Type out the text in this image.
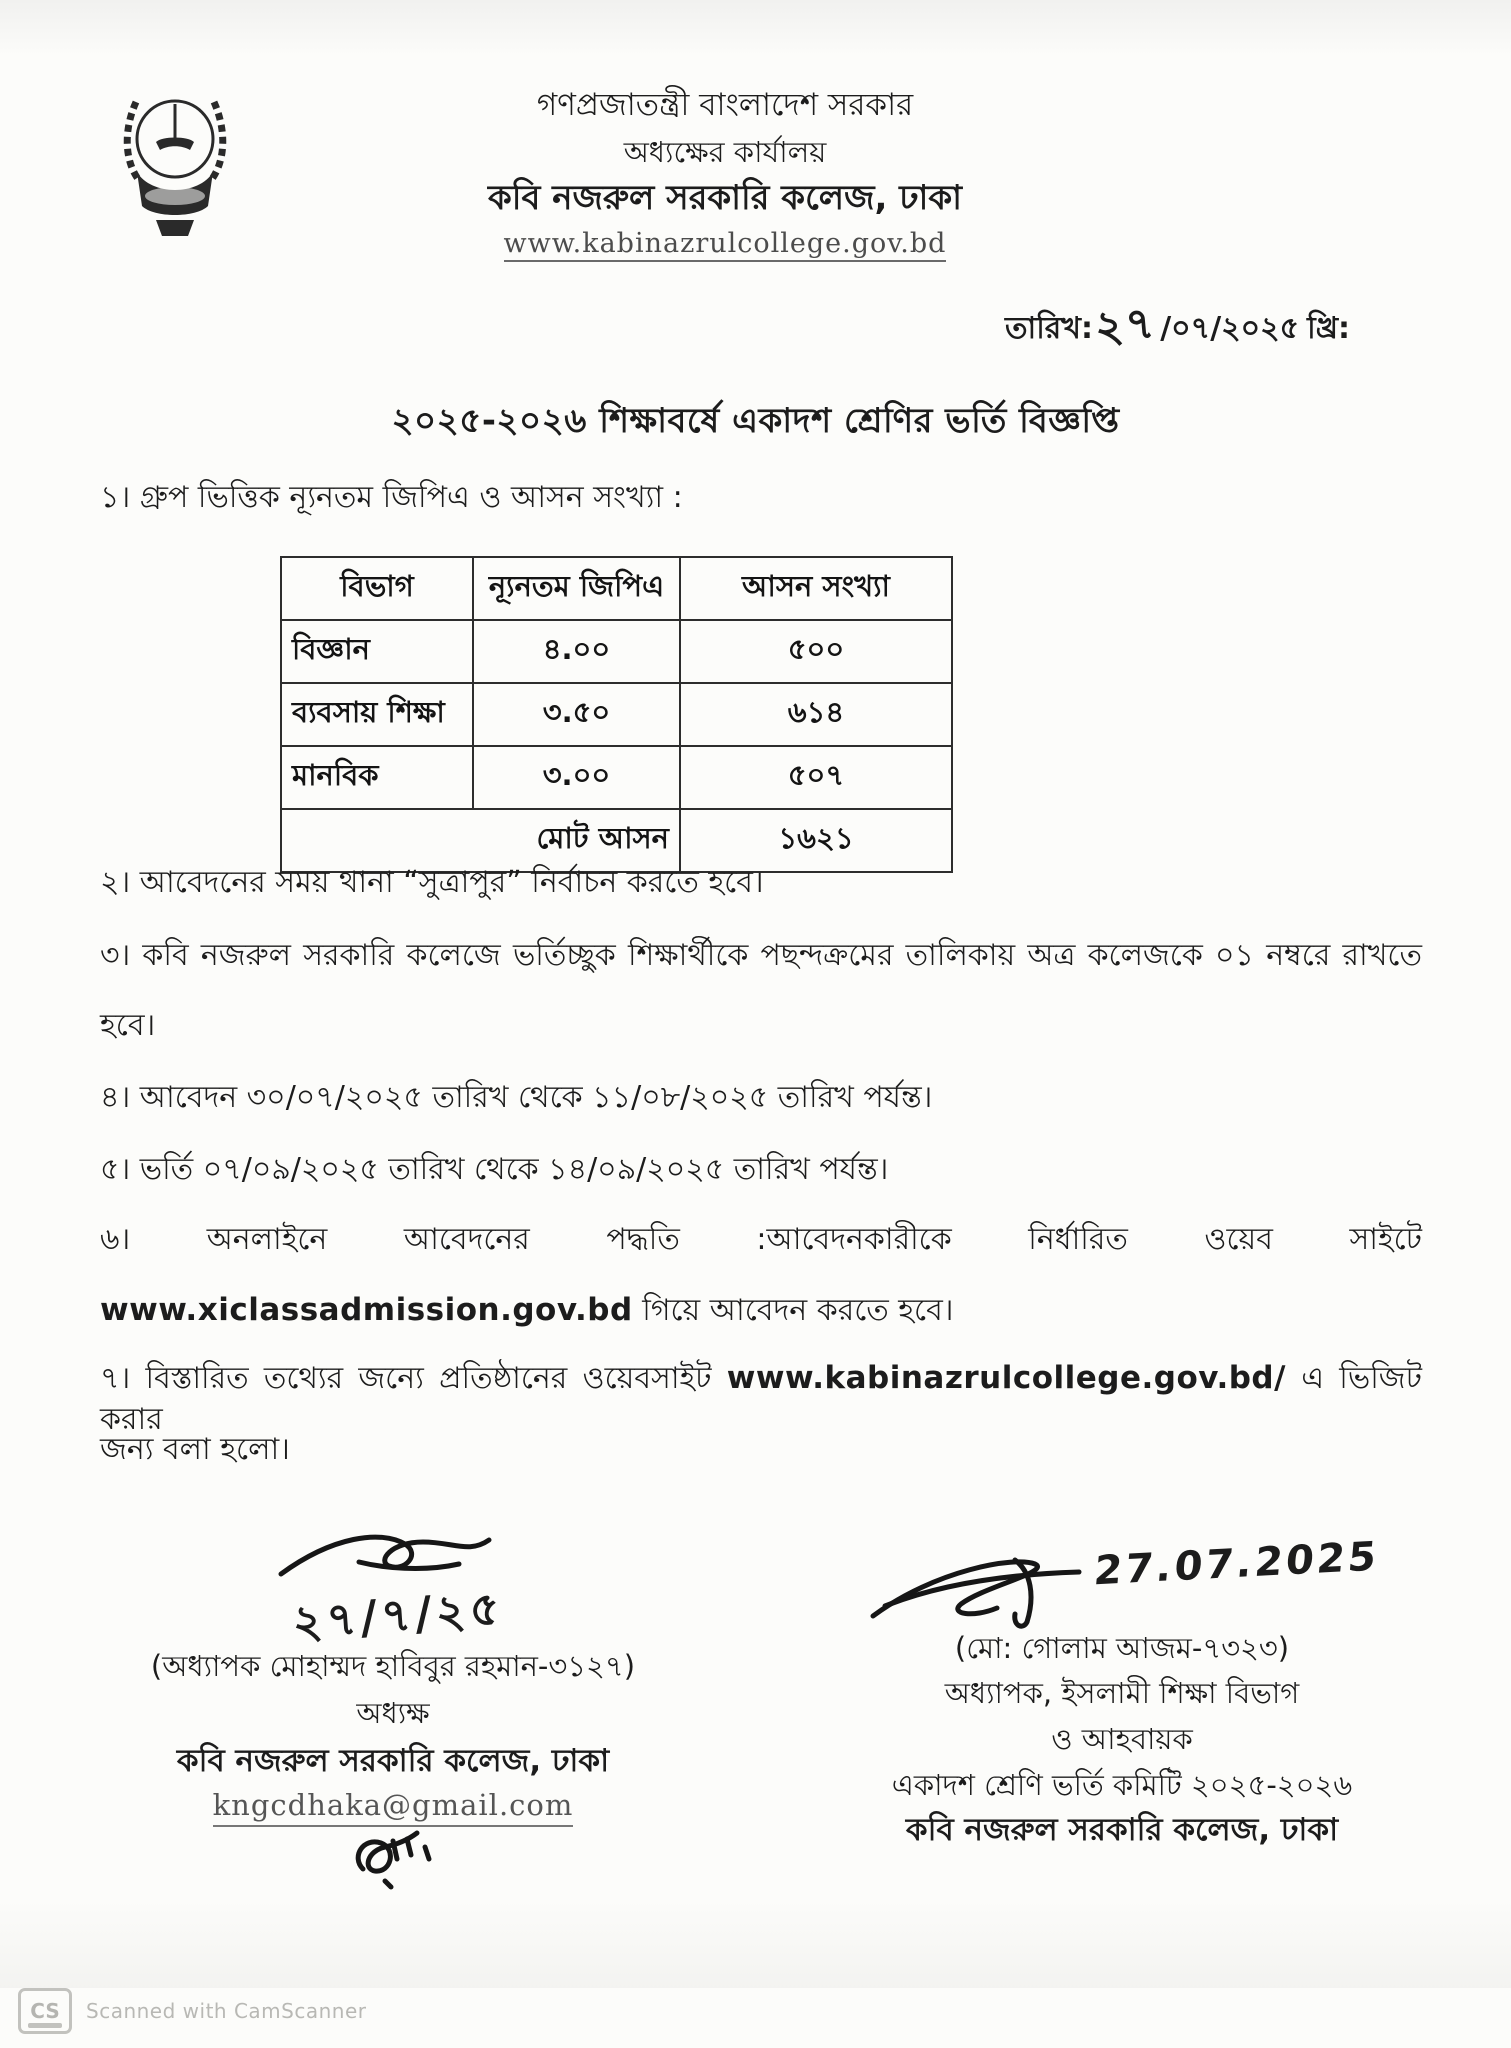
গণপ্রজাতন্ত্রী বাংলাদেশ সরকার
অধ্যক্ষের কার্যালয়
কবি নজরুল সরকারি কলেজ, ঢাকা
www.kabinazrulcollege.gov.bd
তারিখ:২৭/০৭/২০২৫ খ্রি:
২০২৫-২০২৬ শিক্ষাবর্ষে একাদশ শ্রেণির ভর্তি বিজ্ঞপ্তি
১। গ্রুপ ভিত্তিক ন্যূনতম জিপিএ ও আসন সংখ্যা :
বিভাগ	ন্যূনতম জিপিএ	আসন সংখ্যা
বিজ্ঞান	৪.০০	৫০০
ব্যবসায় শিক্ষা	৩.৫০	৬১৪
মানবিক	৩.০০	৫০৭
মোট আসন		১৬২১
২। আবেদনের সময় থানা “সুত্রাপুর” নির্বাচন করতে হবে।
৩। কবি নজরুল সরকারি কলেজে ভর্তিচ্ছুক শিক্ষার্থীকে পছন্দক্রমের তালিকায় অত্র কলেজকে ০১ নম্বরে রাখতে
হবে।
৪। আবেদন ৩০/০৭/২০২৫ তারিখ থেকে ১১/০৮/২০২৫ তারিখ পর্যন্ত।
৫। ভর্তি ০৭/০৯/২০২৫ তারিখ থেকে ১৪/০৯/২০২৫ তারিখ পর্যন্ত।
৬। অনলাইনে আবেদনের পদ্ধতি :আবেদনকারীকে নির্ধারিত ওয়েব সাইটে
www.xiclassadmission.gov.bd গিয়ে আবেদন করতে হবে।
৭। বিস্তারিত তথ্যের জন্যে প্রতিষ্ঠানের ওয়েবসাইট www.kabinazrulcollege.gov.bd/ এ ভিজিট করার
জন্য বলা হলো।
২৭/৭/২৫
(অধ্যাপক মোহাম্মদ হাবিবুর রহমান-৩১২৭)
অধ্যক্ষ
কবি নজরুল সরকারি কলেজ, ঢাকা
kngcdhaka@gmail.com
27.07.2025
(মো: গোলাম আজম-৭৩২৩)
অধ্যাপক, ইসলামী শিক্ষা বিভাগ
ও আহবায়ক
একাদশ শ্রেণি ভর্তি কমিটি ২০২৫-২০২৬
কবি নজরুল সরকারি কলেজ, ঢাকা
CS Scanned with CamScanner
